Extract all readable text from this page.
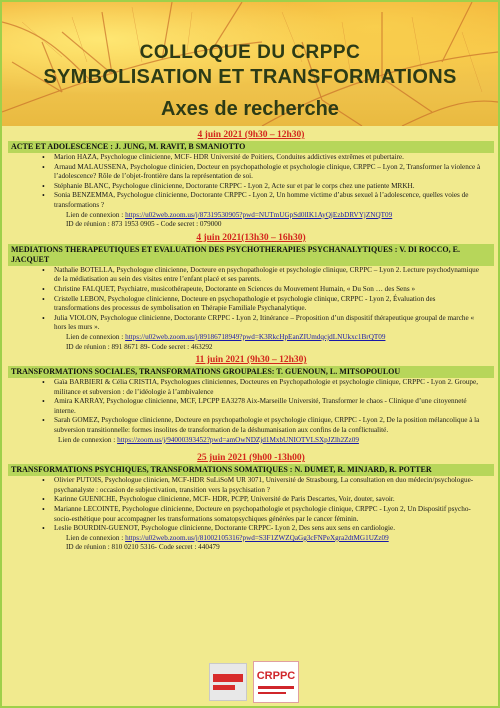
COLLOQUE DU CRPPC
SYMBOLISATION ET TRANSFORMATIONS
Axes de recherche
4 juin 2021 (9h30 – 12h30)
ACTE ET ADOLESCENCE : J. JUNG, M. RAVIT, B SMANIOTTO
• Marion HAZA, Psychologue clinicienne, MCF- HDR Université de Poitiers, Conduites addictives extrêmes et pubertaire.
• Arnaud MALAUSSENA, Psychologue clinicien, Docteur en psychopathologie et psychologie clinique, CRPPC – Lyon 2, Transformer la violence à l’adolescence? Rôle de l’objet-frontière dans la représentation de soi.
• Stéphanie BLANC, Psychologue clinicienne, Doctorante CRPPC - Lyon 2, Acte sur et par le corps chez une patiente MRKH.
• Sonia BENZEMMA, Psychologue clinicienne, Doctorante CRPPC - Lyon 2, Un homme victime d’abus sexuel à l’adolescence, quelles voies de transformations ?
Lien de connexion : https://u02web.zoom.us/j/87319530905?pwd=NUTmUGpSd0lIK1AyQjEzbDRVYjZNQT09
ID de réunion : 873 1953 0905 - Code secret : 079000
4 juin 2021(13h30 – 16h30)
MEDIATIONS THERAPEUTIQUES ET EVALUATION DES PSYCHOTHERAPIES PSYCHANALYTIQUES : V. DI ROCCO, E. JACQUET
• Nathalie BOTELLA, Psychologue clinicienne, Docteure en psychopathologie et psychologie clinique, CRPPC – Lyon 2. Lecture psychodynamique de la médiatisation au sein des visites entre l’enfant placé et ses parents.
• Christine FALQUET, Psychiatre, musicothérapeute, Doctorante en Sciences du Mouvement Humain, « Du Son … des Sens »
• Cristelle LEBON, Psychologue clinicienne, Docteure en psychopathologie et psychologie clinique, CRPPC - Lyon 2, Évaluation des transformations des processus de symbolisation en Thérapie Familiale Psychanalytique.
• Julia VIOLON, Psychologue clinicienne, Doctorante CRPPC - Lyon 2, Itinérance – Proposition d’un dispositif thérapeutique groupal de marche « hors les murs ».
Lien de connexion : https://u02web.zoom.us/j/89186718949?pwd=K3RkcHpEanZIUmdqcjdLNUkxc1BrQT09
ID de réunion : 891 8671 89- Code secret : 463292
11 juin 2021 (9h30 – 12h30)
TRANSFORMATIONS SOCIALES, TRANSFORMATIONS GROUPALES: T. GUENOUN, L. MITSOPOULOU
• Gaïa BARBIERI & Célia CRISTIA, Psychologues cliniciennes, Docteures en Psychopathologie et psychologie clinique, CRPPC - Lyon 2. Groupe, militance et subversion : de l’idéologie à l’ambivalence
• Amira KARRAY, Psychologue clinicienne, MCF, LPCPP EA3278 Aix-Marseille Université, Transformer le chaos - Clinique d’une citoyenneté interne.
• Sarah GOMEZ, Psychologue clinicienne, Docteure en psychopathologie et psychologie clinique, CRPPC - Lyon 2, De la position mélancolique à la subversion transitionnelle: formes insolites de transformation de la déshumanisation aux confins de la conflictualité.
Lien de connexion : https://zoom.us/j/94000393452?pwd=amOwNDZjd1MxbUNIOTVLSXpJZlh2Zz09
25 juin 2021 (9h00 -13h00)
TRANSFORMATIONS PSYCHIQUES, TRANSFORMATIONS SOMATIQUES : N. DUMET, R. MINJARD, R. POTTER
• Olivier PUTOIS, Psychologue clinicien, MCF-HDR SuLiSoM UR 3071, Université de Strasbourg, La consultation en duo médecin/psychologue-psychanalyste : occasion de subjectivation, transition vers la psychisation ?
• Karinne GUENICHE, Psychologue clinicienne, MCF- HDR, PCPP, Université de Paris Descartes, Voir, douter, savoir.
• Marianne LECOINTE, Psychologue clinicienne, Docteure en psychopathologie et psychologie clinique, CRPPC - Lyon 2, Un Dispositif psycho-socio-esthétique pour accompagner les transformations somatopsychiques générées par le cancer féminin.
• Leslie BOURDIN-GUENOT, Psychologue clinicienne, Doctorante CRPPC- Lyon 2, Des sens aux sens en cardiologie.
Lien de connexion : https://u02web.zoom.us/j/81002105316?pwd=S3F1ZWZQaGg3cFNPeXgra2dtMG1UZz09
ID de réunion : 810 0210 5316- Code secret : 440479
CRPPC
